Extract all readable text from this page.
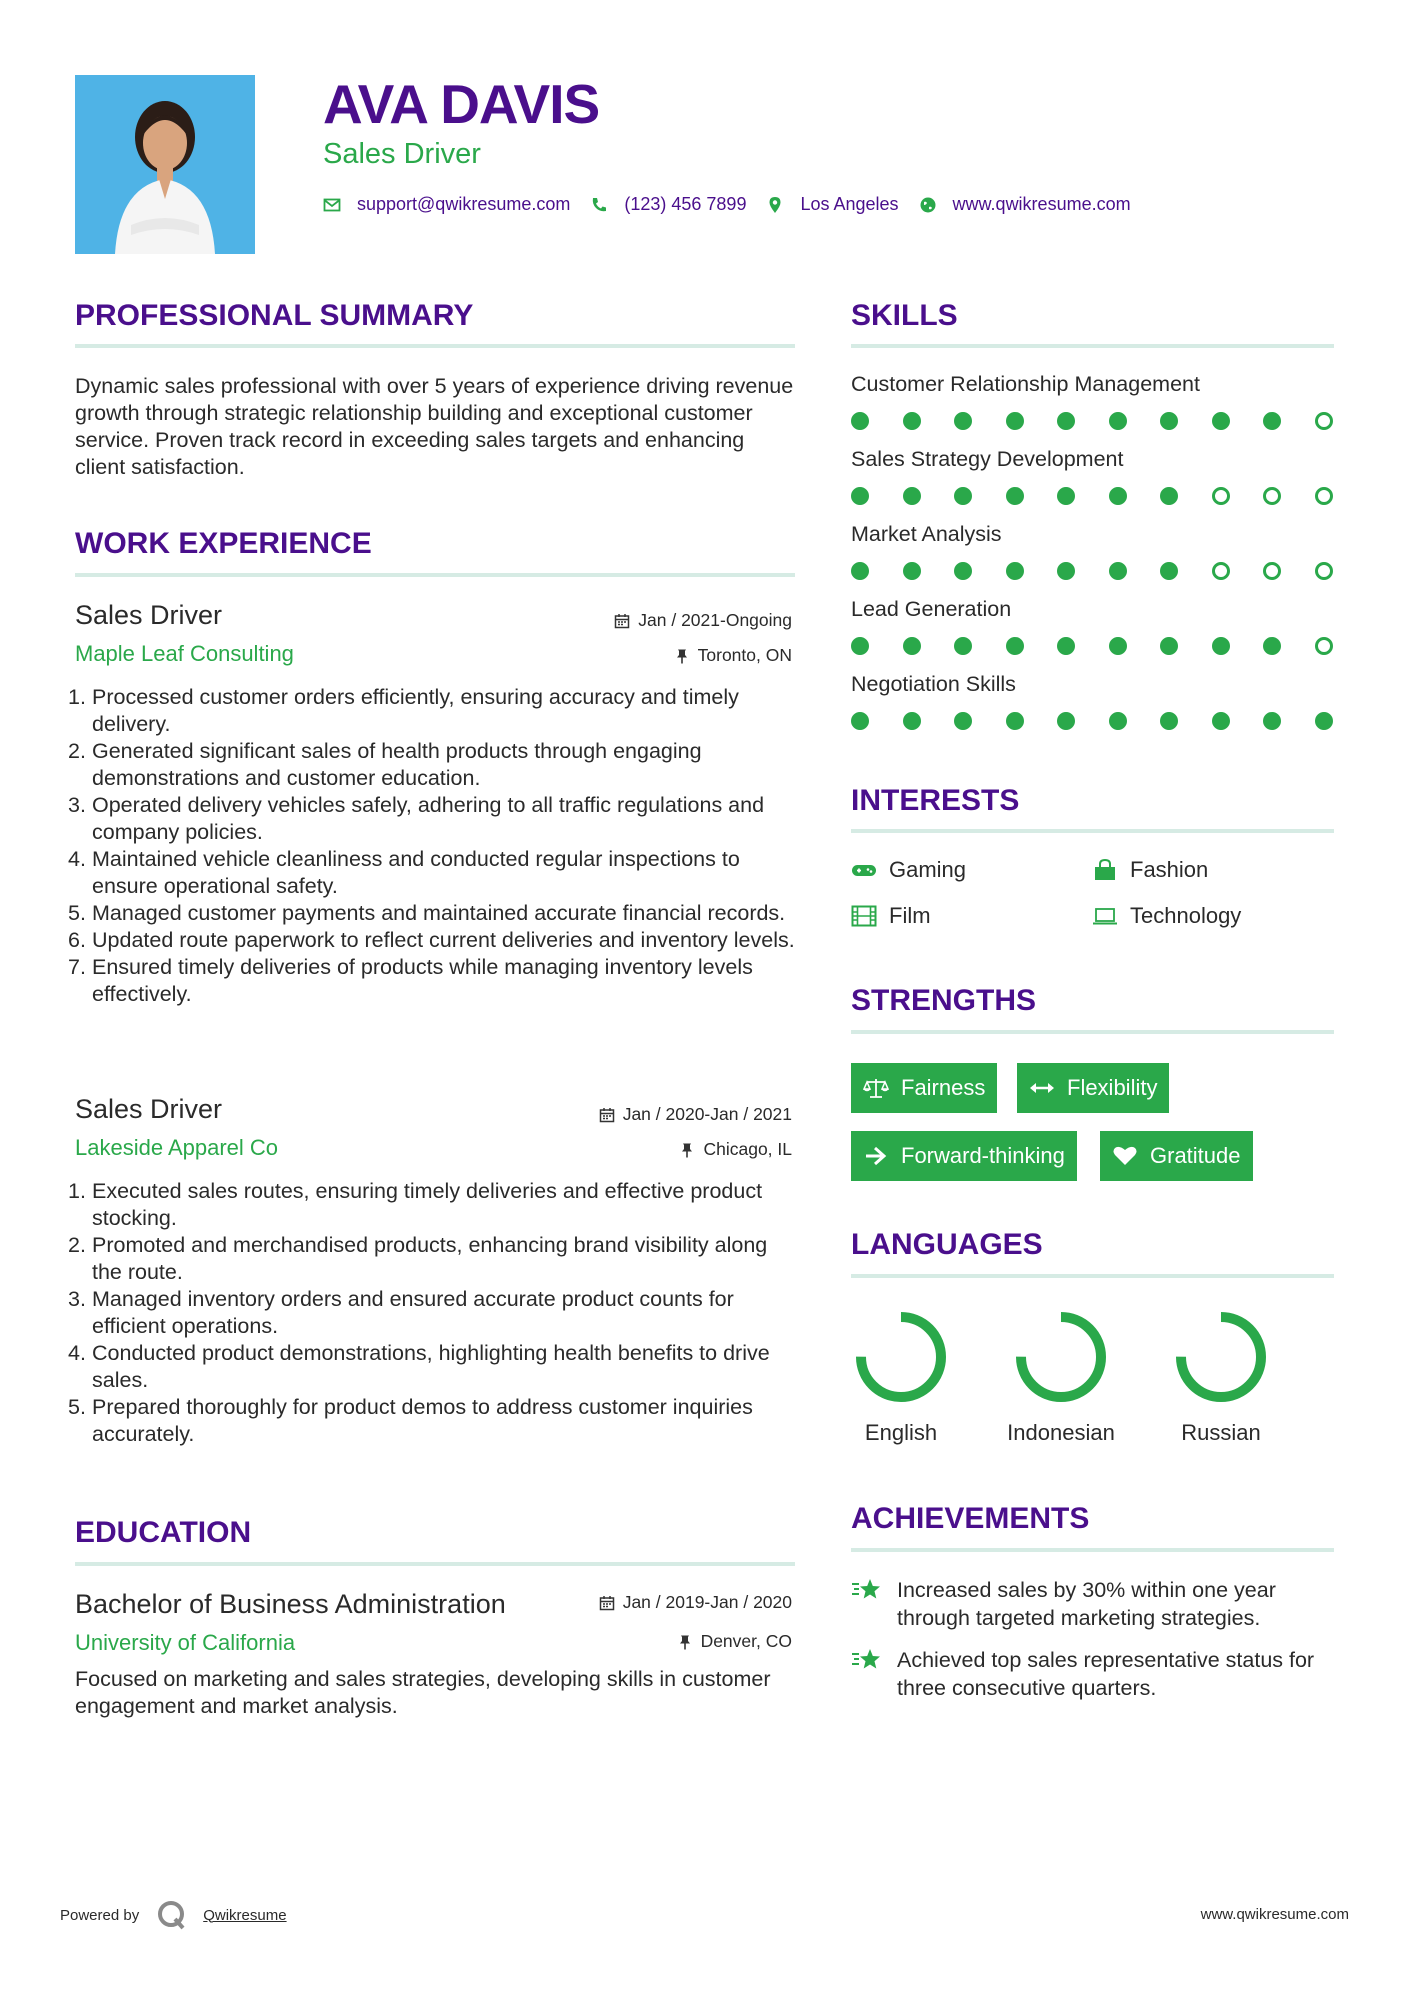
AVA DAVIS
Sales Driver
support@qwikresume.com	(123) 456 7899	Los Angeles	www.qwikresume.com
PROFESSIONAL SUMMARY
Dynamic sales professional with over 5 years of experience driving revenue growth through strategic relationship building and exceptional customer service. Proven track record in exceeding sales targets and enhancing client satisfaction.
WORK EXPERIENCE
Sales Driver
Maple Leaf Consulting
Jan / 2021-Ongoing
Toronto, ON
1. Processed customer orders efficiently, ensuring accuracy and timely delivery.
2. Generated significant sales of health products through engaging demonstrations and customer education.
3. Operated delivery vehicles safely, adhering to all traffic regulations and company policies.
4. Maintained vehicle cleanliness and conducted regular inspections to ensure operational safety.
5. Managed customer payments and maintained accurate financial records.
6. Updated route paperwork to reflect current deliveries and inventory levels.
7. Ensured timely deliveries of products while managing inventory levels effectively.
Sales Driver
Lakeside Apparel Co
Jan / 2020-Jan / 2021
Chicago, IL
1. Executed sales routes, ensuring timely deliveries and effective product stocking.
2. Promoted and merchandised products, enhancing brand visibility along the route.
3. Managed inventory orders and ensured accurate product counts for efficient operations.
4. Conducted product demonstrations, highlighting health benefits to drive sales.
5. Prepared thoroughly for product demos to address customer inquiries accurately.
EDUCATION
Bachelor of Business Administration
University of California
Jan / 2019-Jan / 2020
Denver, CO
Focused on marketing and sales strategies, developing skills in customer engagement and market analysis.
SKILLS
Customer Relationship Management
Sales Strategy Development
Market Analysis
Lead Generation
Negotiation Skills
INTERESTS
Gaming	Fashion
Film	Technology
STRENGTHS
Fairness	Flexibility
Forward-thinking	Gratitude
LANGUAGES
English	Indonesian	Russian
ACHIEVEMENTS
Increased sales by 30% within one year through targeted marketing strategies.
Achieved top sales representative status for three consecutive quarters.
Powered by	Qwikresume	www.qwikresume.com
